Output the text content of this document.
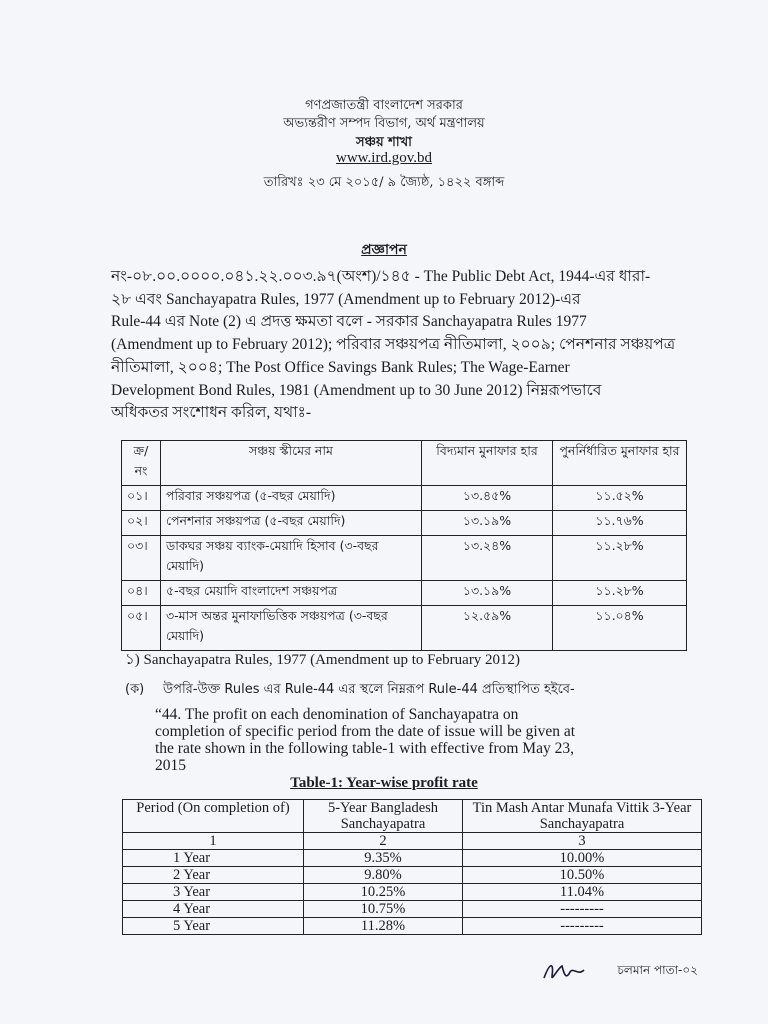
গণপ্রজাতন্ত্রী বাংলাদেশ সরকার
অভ্যন্তরীণ সম্পদ বিভাগ, অর্থ মন্ত্রণালয়
সঞ্চয় শাখা
www.ird.gov.bd
তারিখঃ ২৩ মে ২০১৫/ ৯ জ্যৈষ্ঠ, ১৪২২ বঙ্গাব্দ
প্রজ্ঞাপন
নং-০৮.০০.০০০০.০৪১.২২.০০৩.৯৭(অংশ)/১৪৫ - The Public Debt Act, 1944-এর ধারা-
২৮ এবং Sanchayapatra Rules, 1977 (Amendment up to February 2012)-এর
Rule-44 এর Note (2) এ প্রদত্ত ক্ষমতা বলে - সরকার Sanchayapatra Rules 1977
(Amendment up to February 2012); পরিবার সঞ্চয়পত্র নীতিমালা, ২০০৯; পেনশনার সঞ্চয়পত্র
নীতিমালা, ২০০৪; The Post Office Savings Bank Rules; The Wage-Earner
Development Bond Rules, 1981 (Amendment up to 30 June 2012) নিম্নরূপভাবে
অধিকতর সংশোধন করিল, যথাঃ-
ক্র/ নং	সঞ্চয় স্কীমের নাম	বিদ্যমান মুনাফার হার	পুনর্নির্ধারিত মুনাফার হার
০১।	পরিবার সঞ্চয়পত্র (৫-বছর মেয়াদি)	১৩.৪৫%	১১.৫২%
০২।	পেনশনার সঞ্চয়পত্র (৫-বছর মেয়াদি)	১৩.১৯%	১১.৭৬%
০৩।	ডাকঘর সঞ্চয় ব্যাংক-মেয়াদি হিসাব (৩-বছর মেয়াদি)	১৩.২৪%	১১.২৮%
০৪।	৫-বছর মেয়াদি বাংলাদেশ সঞ্চয়পত্র	১৩.১৯%	১১.২৮%
০৫।	৩-মাস অন্তর মুনাফাভিত্তিক সঞ্চয়পত্র (৩-বছর মেয়াদি)	১২.৫৯%	১১.০৪%
১) Sanchayapatra Rules, 1977 (Amendment up to February 2012)
(ক) উপরি-উক্ত Rules এর Rule-44 এর স্থলে নিম্নরূপ Rule-44 প্রতিস্থাপিত হইবে-
“44. The profit on each denomination of Sanchayapatra on
completion of specific period from the date of issue will be given at
the rate shown in the following table-1 with effective from May 23,
2015
Table-1: Year-wise profit rate
Period (On completion of)	5-Year Bangladesh Sanchayapatra	Tin Mash Antar Munafa Vittik 3-Year Sanchayapatra
1	2	3
1 Year	9.35%	10.00%
2 Year	9.80%	10.50%
3 Year	10.25%	11.04%
4 Year	10.75%	---------
5 Year	11.28%	---------
চলমান পাতা-০২
